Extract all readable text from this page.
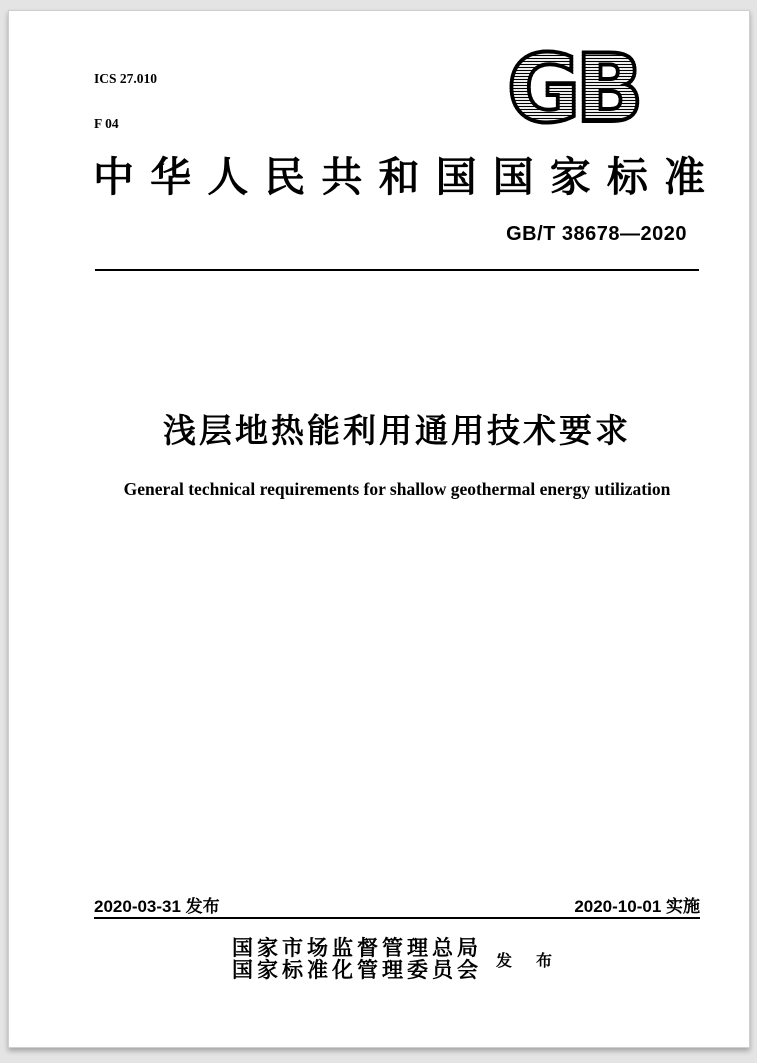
ICS 27.010

F 04

	GB
中华人民共和国国家标准
GB/T 38678—2020
浅层地热能利用通用技术要求
General technical requirements for shallow geothermal energy utilization
2020-03-31 发布	2020-10-01 实施
国家市场监督管理总局
国家标准化管理委员会 发 布
